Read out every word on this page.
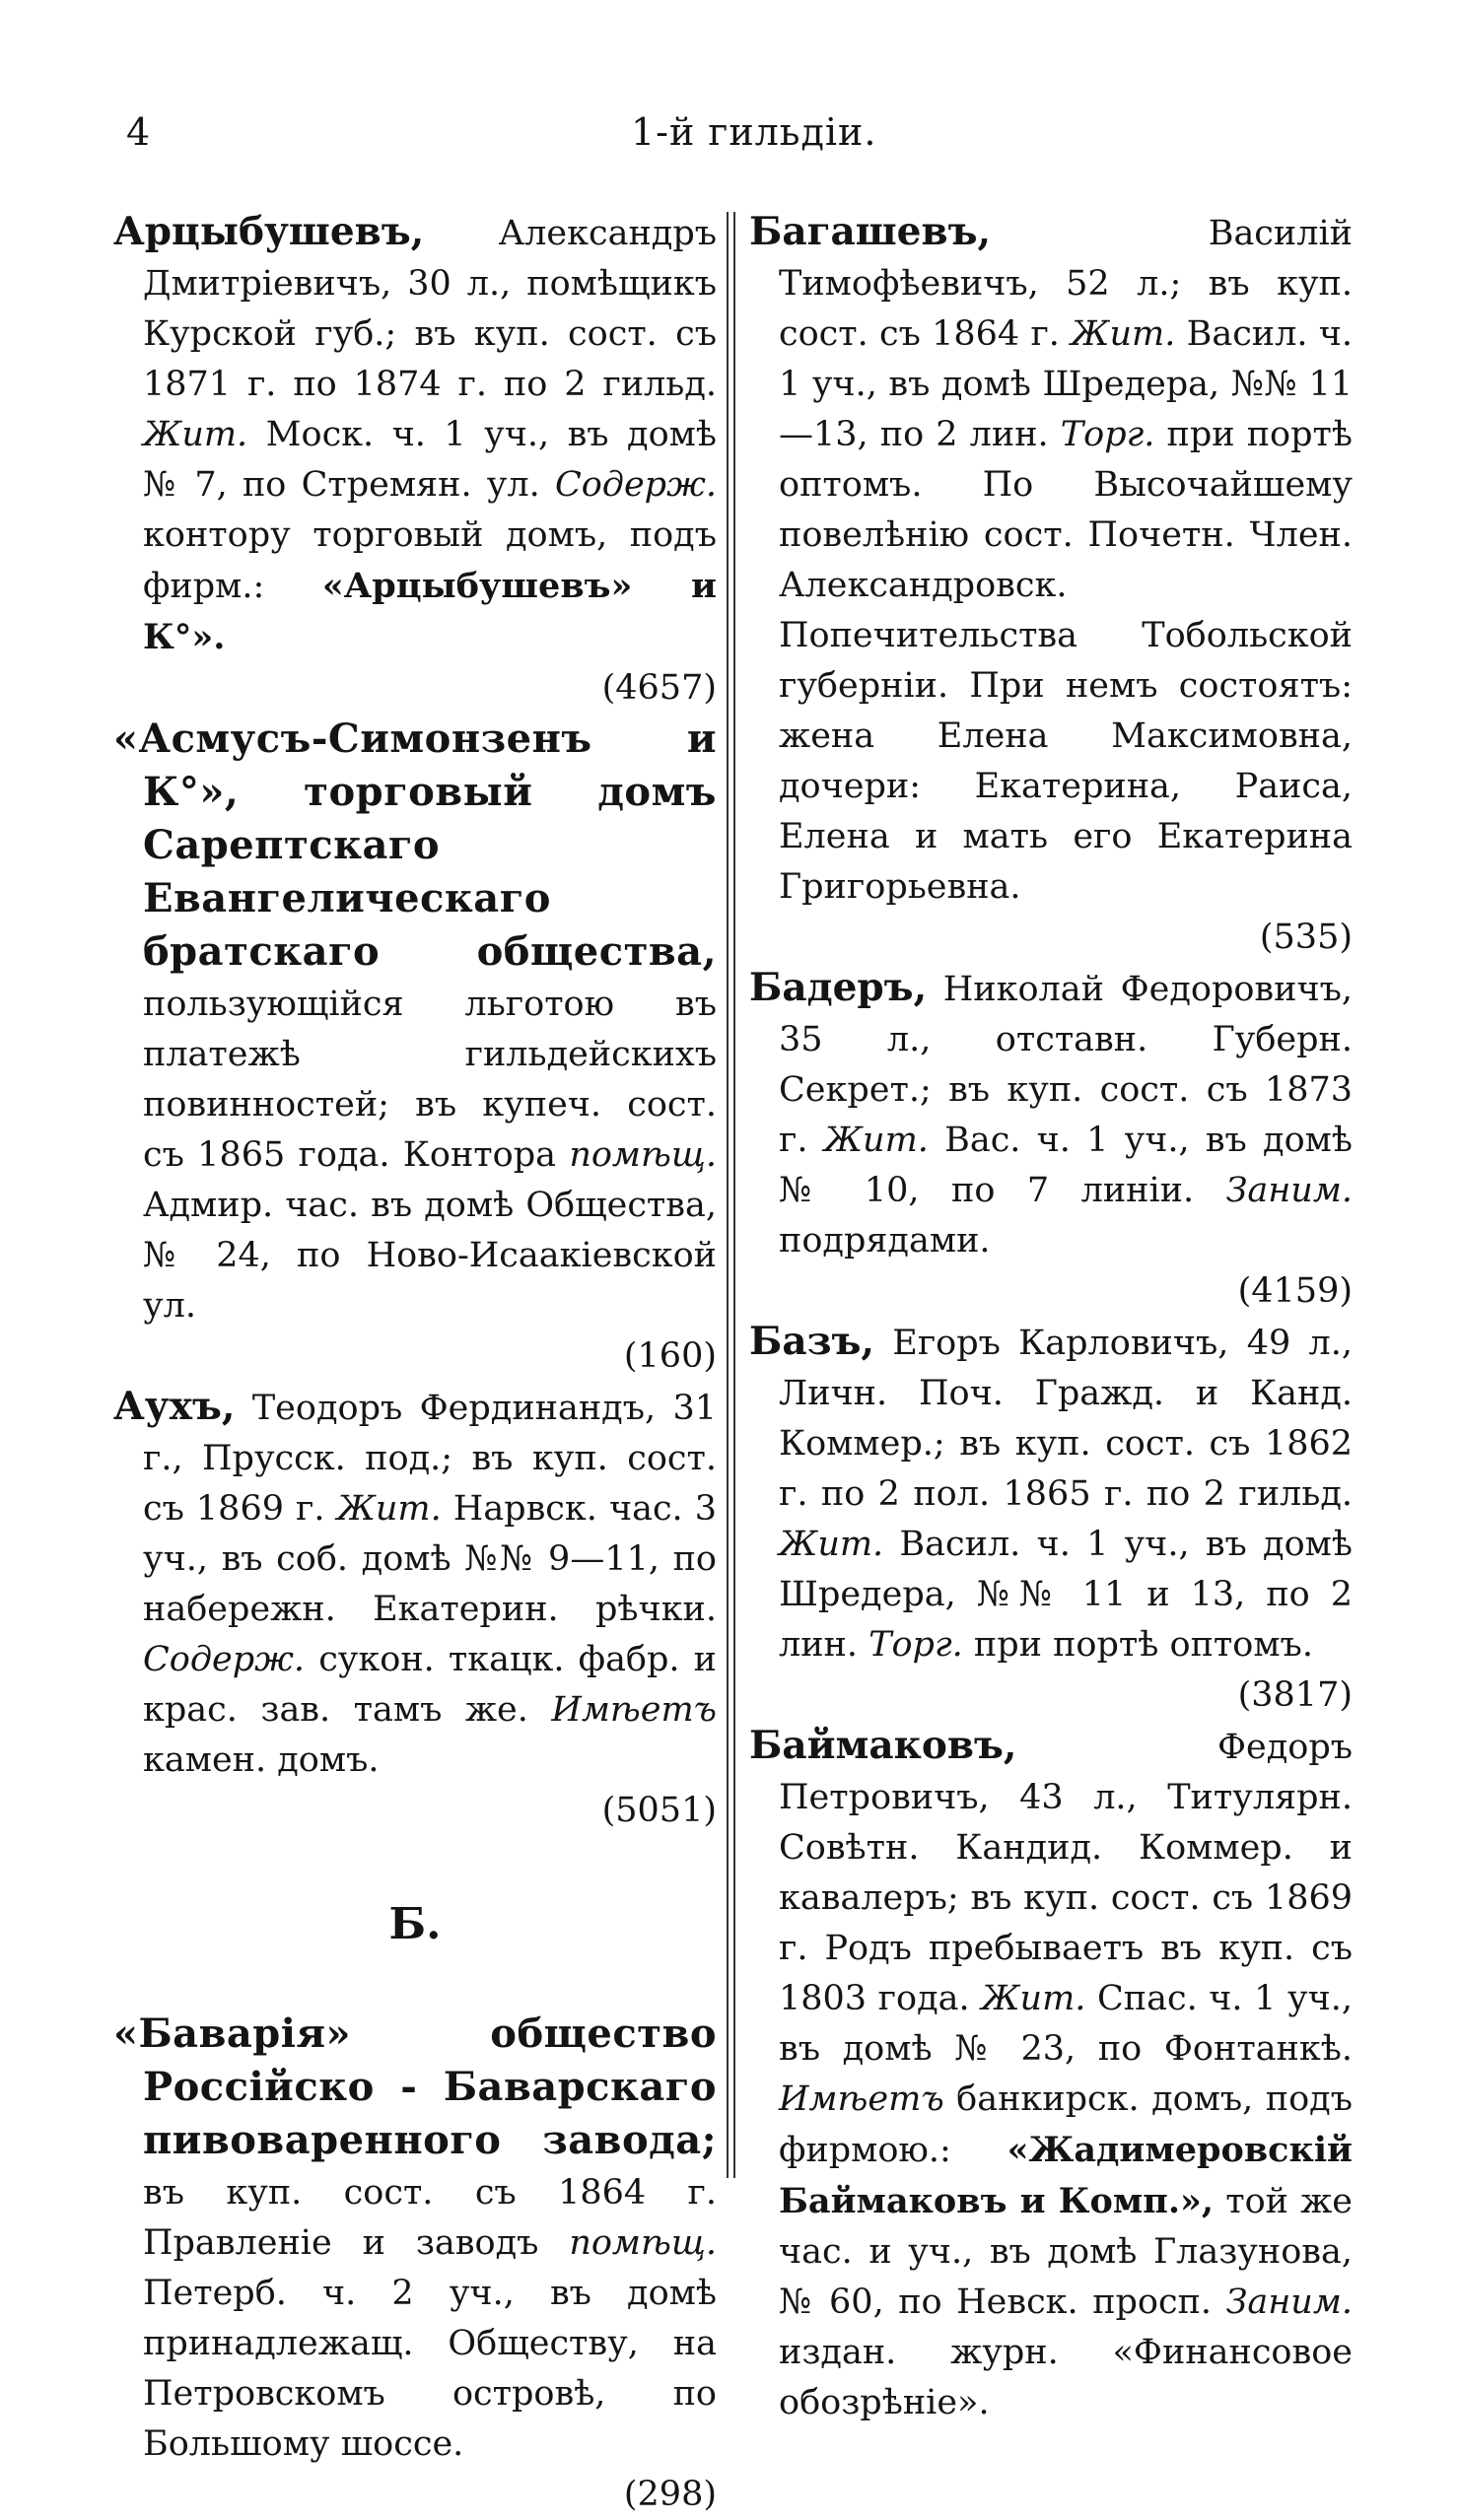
4	1-й гильдіи.

Арцыбушевъ, Александръ Дмитріевичъ, 30 л., помѣщикъ Курской губ.; въ куп. сост. съ 1871 г. по 1874 г. по 2 гильд. Жит. Моск. ч. 1 уч., въ домѣ № 7, по Стремян. ул. Содерж. контору торговый домъ, подъ фирм.: «Арцыбушевъ» и К°».
(4657)

«Асмусъ-Симонзенъ и К°», торговый домъ Сарептскаго Евангелическаго братскаго общества, пользующійся льготою въ платежѣ гильдейскихъ повинностей; въ купеч. сост. съ 1865 года. Контора помѣщ. Адмир. час. въ домѣ Общества, № 24, по Ново-Исаакіевской ул.
(160)

Аухъ, Теодоръ Фердинандъ, 31 г., Прусск. под.; въ куп. сост. съ 1869 г. Жит. Нарвск. час. 3 уч., въ соб. домѣ №№ 9—11, по набережн. Екатерин. рѣчки. Содерж. сукон. ткацк. фабр. и крас. зав. тамъ же. Имѣетъ камен. домъ.
(5051)

Б.

«Баварія» общество Россійско - Баварскаго пивоваренного завода; въ куп. сост. съ 1864 г. Правленіе и заводъ помѣщ. Петерб. ч. 2 уч., въ домѣ принадлежащ. Обществу, на Петровскомъ островѣ, по Большому шоссе.
(298)

Багашевъ, Василій Тимофѣевичъ, 52 л.; въ куп. сост. съ 1864 г. Жит. Васил. ч. 1 уч., въ домѣ Шредера, №№ 11—13, по 2 лин. Торг. при портѣ оптомъ. По Высочайшему повелѣнію сост. Почетн. Член. Александровск. Попечительства Тобольской губерніи. При немъ состоятъ: жена Елена Максимовна, дочери: Екатерина, Раиса, Елена и мать его Екатерина Григорьевна.
(535)

Бадеръ, Николай Федоровичъ, 35 л., отставн. Губерн. Секрет.; въ куп. сост. съ 1873 г. Жит. Вас. ч. 1 уч., въ домѣ № 10, по 7 линіи. Заним. подрядами.
(4159)

Базъ, Егоръ Карловичъ, 49 л., Личн. Поч. Гражд. и Канд. Коммер.; въ куп. сост. съ 1862 г. по 2 пол. 1865 г. по 2 гильд. Жит. Васил. ч. 1 уч., въ домѣ Шредера, №№ 11 и 13, по 2 лин. Торг. при портѣ оптомъ.
(3817)

Баймаковъ, Федоръ Петровичъ, 43 л., Титулярн. Совѣтн. Кандид. Коммер. и кавалеръ; въ куп. сост. съ 1869 г. Родъ пребываетъ въ куп. съ 1803 года. Жит. Спас. ч. 1 уч., въ домѣ № 23, по Фонтанкѣ. Имѣетъ банкирск. домъ, подъ фирмою.: «Жадимеровскій Баймаковъ и Комп.», той же час. и уч., въ домѣ Глазунова, № 60, по Невск. просп. Заним. издан. журн. «Финансовое обозрѣніе».
